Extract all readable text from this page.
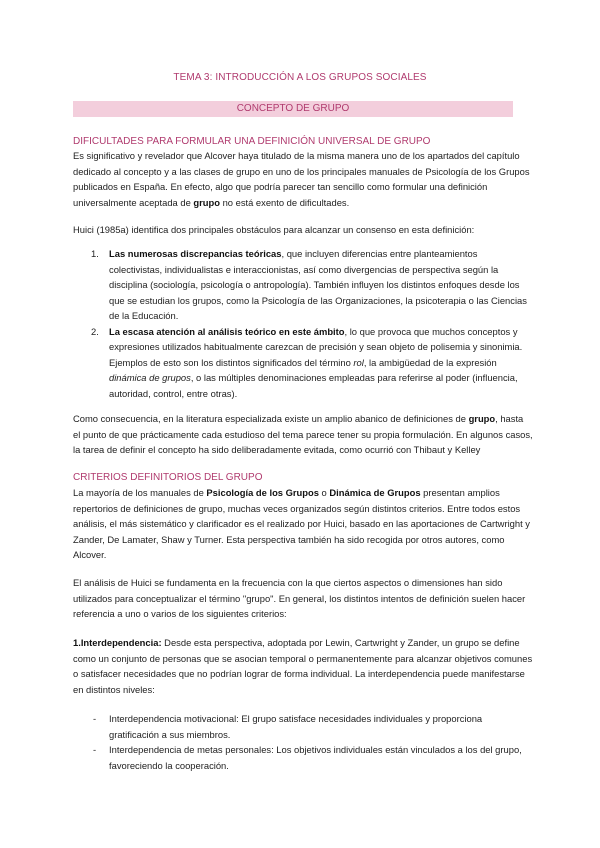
TEMA 3: INTRODUCCIÓN A LOS GRUPOS SOCIALES
CONCEPTO DE GRUPO
DIFICULTADES PARA FORMULAR UNA DEFINICIÓN UNIVERSAL DE GRUPO
Es significativo y revelador que Alcover haya titulado de la misma manera uno de los apartados del capítulo dedicado al concepto y a las clases de grupo en uno de los principales manuales de Psicología de los Grupos publicados en España. En efecto, algo que podría parecer tan sencillo como formular una definición universalmente aceptada de grupo no está exento de dificultades.
Huici (1985a) identifica dos principales obstáculos para alcanzar un consenso en esta definición:
1. Las numerosas discrepancias teóricas, que incluyen diferencias entre planteamientos colectivistas, individualistas e interaccionistas, así como divergencias de perspectiva según la disciplina (sociología, psicología o antropología). También influyen los distintos enfoques desde los que se estudian los grupos, como la Psicología de las Organizaciones, la psicoterapia o las Ciencias de la Educación.
2. La escasa atención al análisis teórico en este ámbito, lo que provoca que muchos conceptos y expresiones utilizados habitualmente carezcan de precisión y sean objeto de polisemia y sinonimia. Ejemplos de esto son los distintos significados del término rol, la ambigüedad de la expresión dinámica de grupos, o las múltiples denominaciones empleadas para referirse al poder (influencia, autoridad, control, entre otras).
Como consecuencia, en la literatura especializada existe un amplio abanico de definiciones de grupo, hasta el punto de que prácticamente cada estudioso del tema parece tener su propia formulación. En algunos casos, la tarea de definir el concepto ha sido deliberadamente evitada, como ocurrió con Thibaut y Kelley
CRITERIOS DEFINITORIOS DEL GRUPO
La mayoría de los manuales de Psicología de los Grupos o Dinámica de Grupos presentan amplios repertorios de definiciones de grupo, muchas veces organizados según distintos criterios. Entre todos estos análisis, el más sistemático y clarificador es el realizado por Huici, basado en las aportaciones de Cartwright y Zander, De Lamater, Shaw y Turner. Esta perspectiva también ha sido recogida por otros autores, como Alcover.
El análisis de Huici se fundamenta en la frecuencia con la que ciertos aspectos o dimensiones han sido utilizados para conceptualizar el término "grupo". En general, los distintos intentos de definición suelen hacer referencia a uno o varios de los siguientes criterios:
1.Interdependencia: Desde esta perspectiva, adoptada por Lewin, Cartwright y Zander, un grupo se define como un conjunto de personas que se asocian temporal o permanentemente para alcanzar objetivos comunes o satisfacer necesidades que no podrían lograr de forma individual. La interdependencia puede manifestarse en distintos niveles:
- Interdependencia motivacional: El grupo satisface necesidades individuales y proporciona gratificación a sus miembros.
- Interdependencia de metas personales: Los objetivos individuales están vinculados a los del grupo, favoreciendo la cooperación.
